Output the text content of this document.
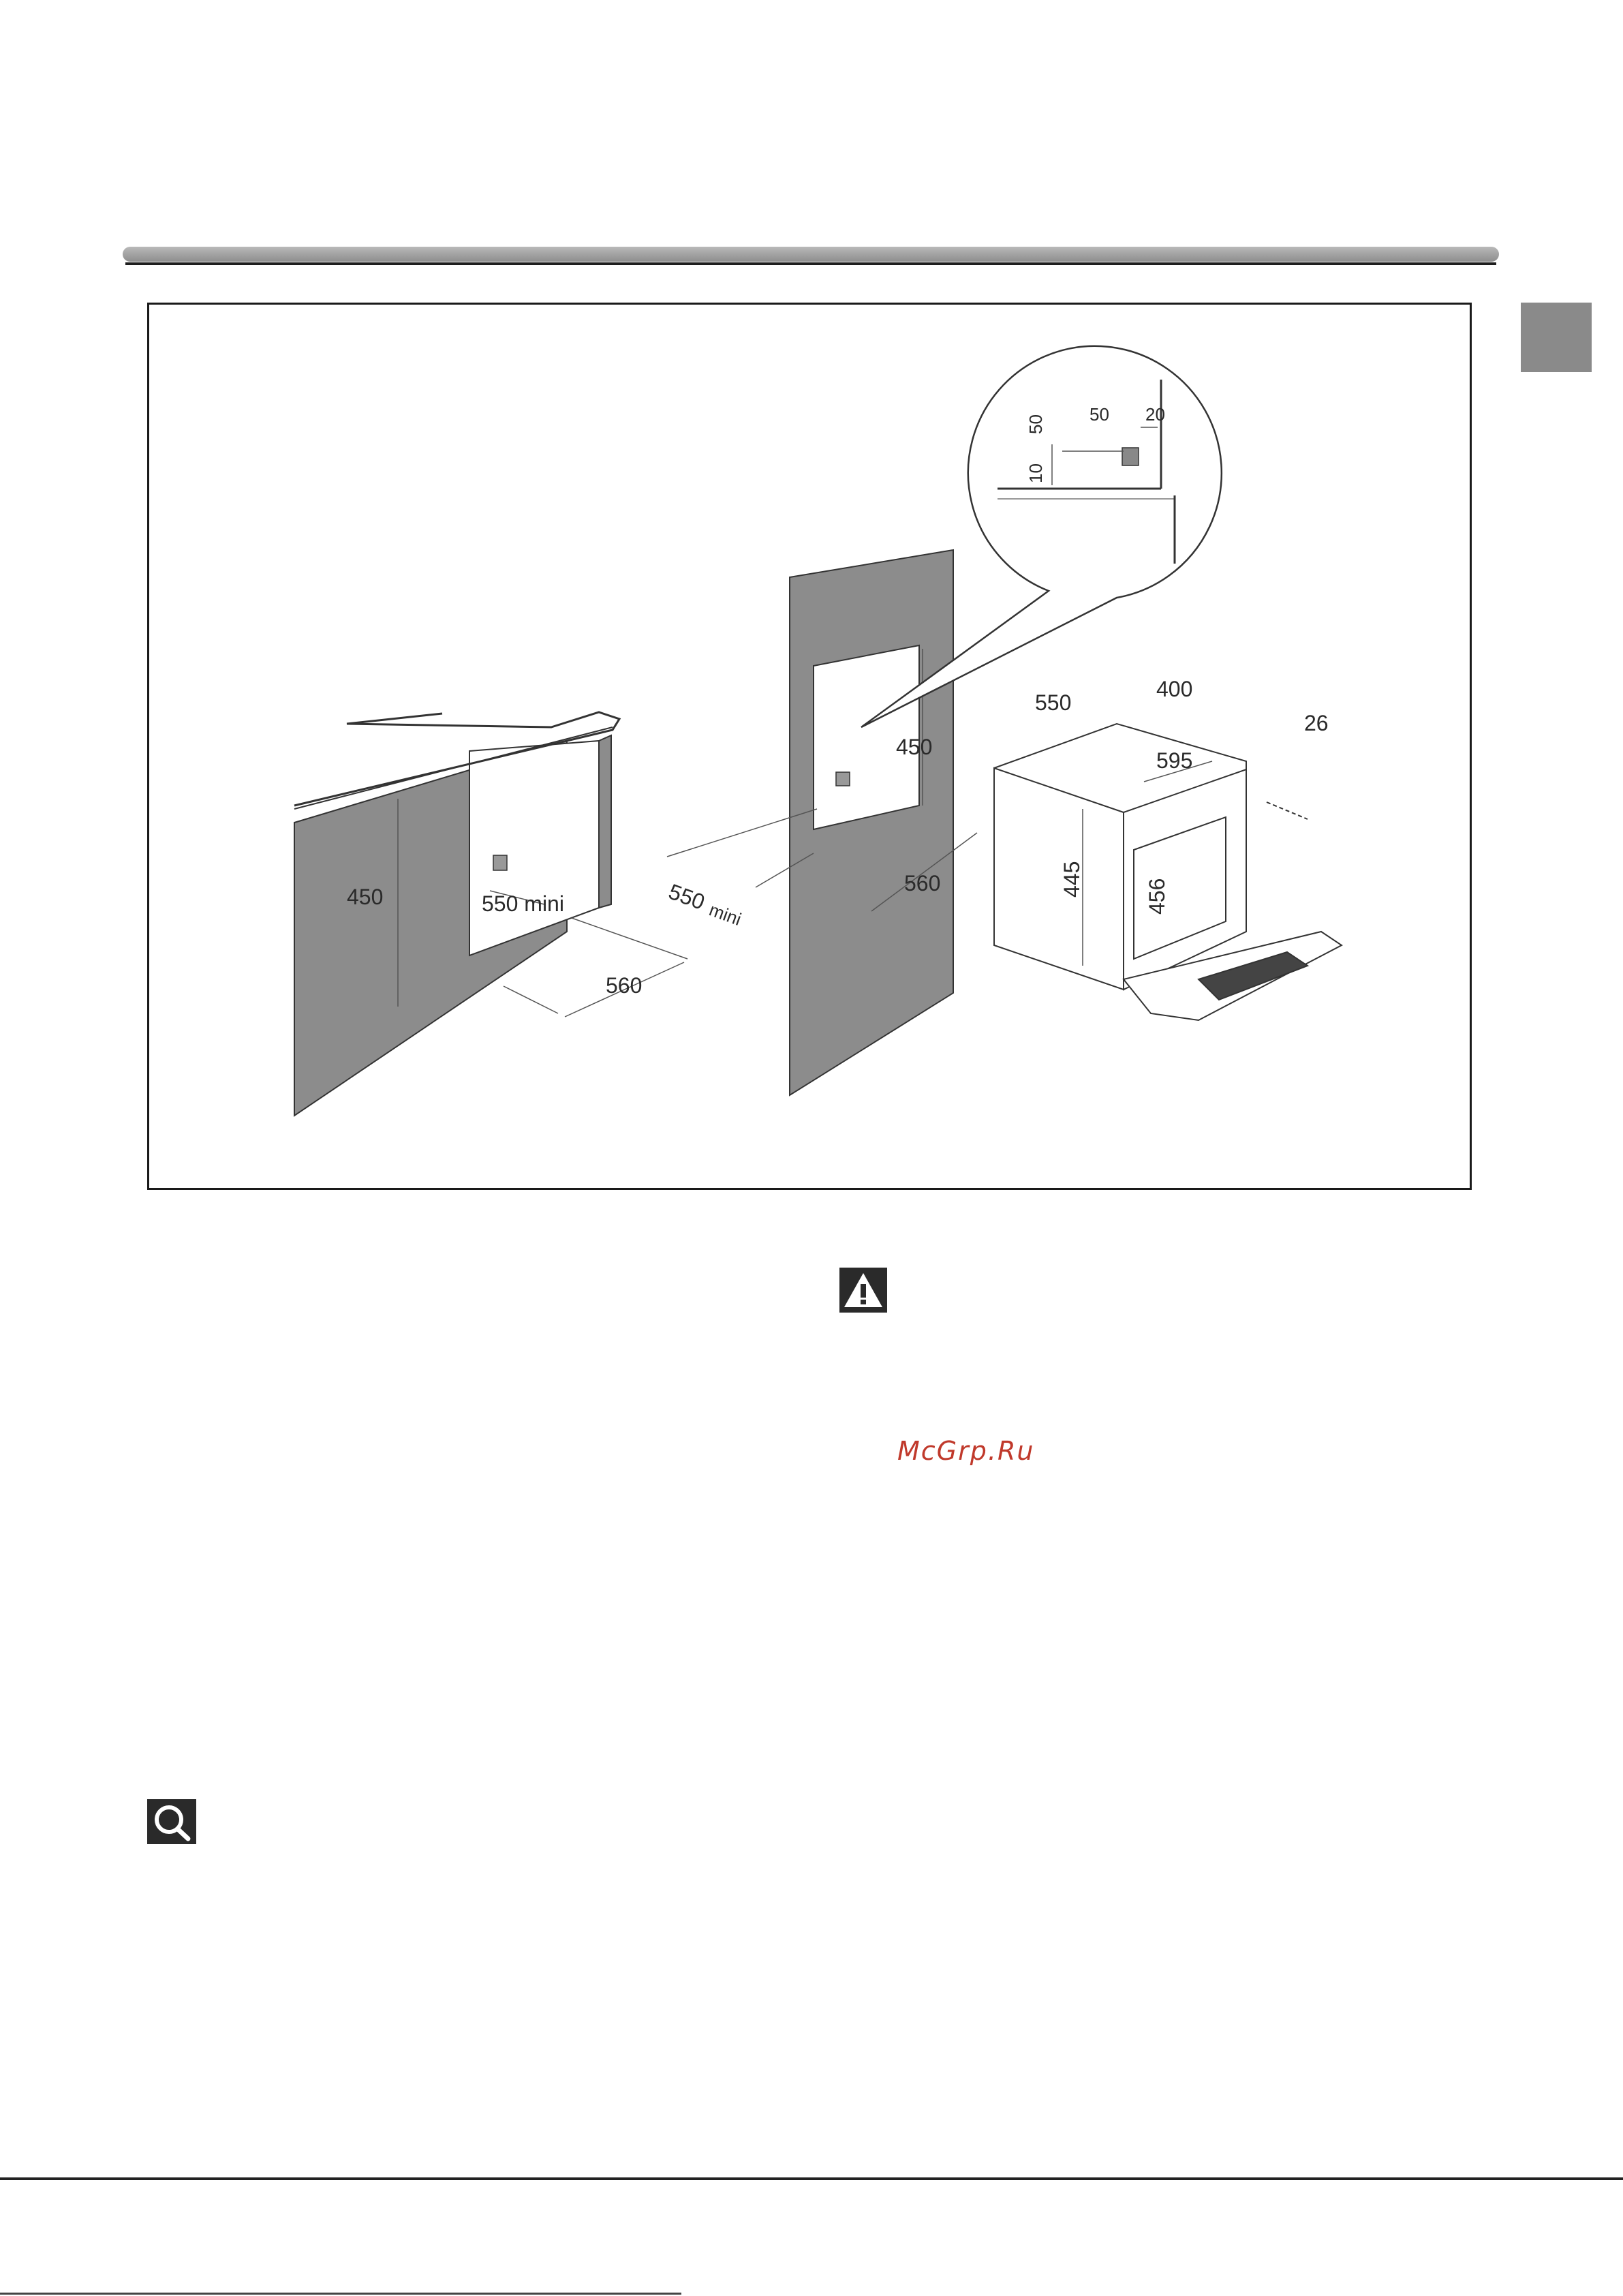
450	550 mini
560
450
550
mini
560
50
10
50 20
550
400
26
595
445	456
McGrp.Ru
